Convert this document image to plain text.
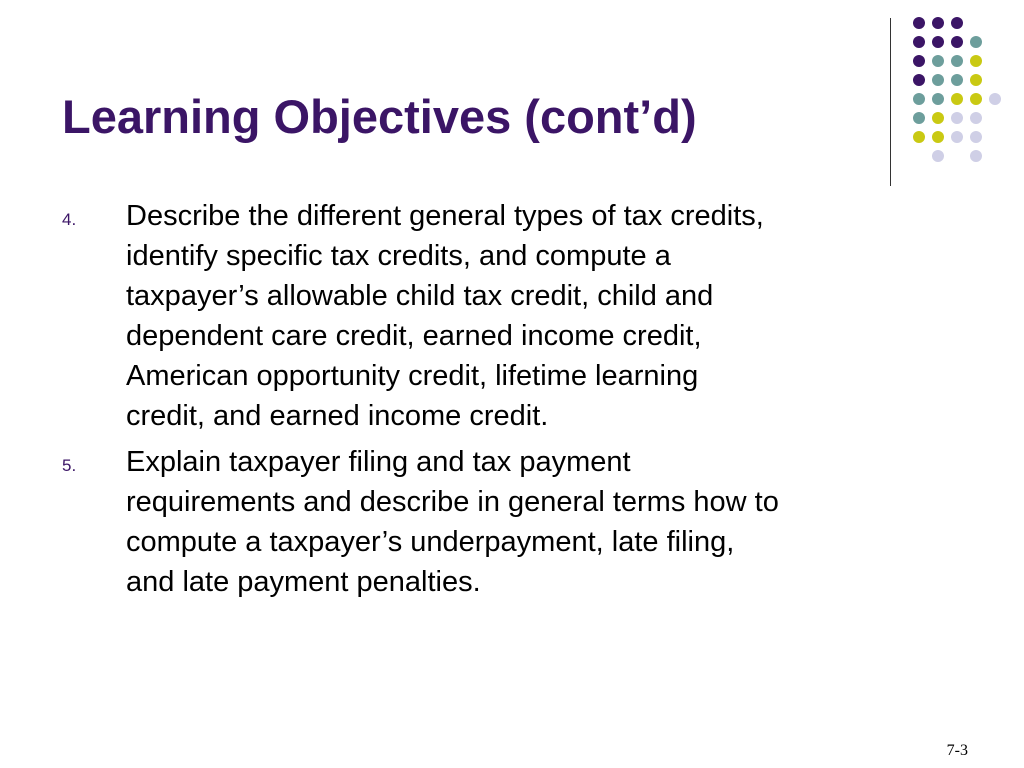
Learning Objectives (cont’d)
4. Describe the different general types of tax credits,
identify specific tax credits, and compute a
taxpayer’s allowable child tax credit, child and
dependent care credit, earned income credit,
American opportunity credit, lifetime learning
credit, and earned income credit.
5. Explain taxpayer filing and tax payment
requirements and describe in general terms how to
compute a taxpayer’s underpayment, late filing,
and late payment penalties.
7-3
